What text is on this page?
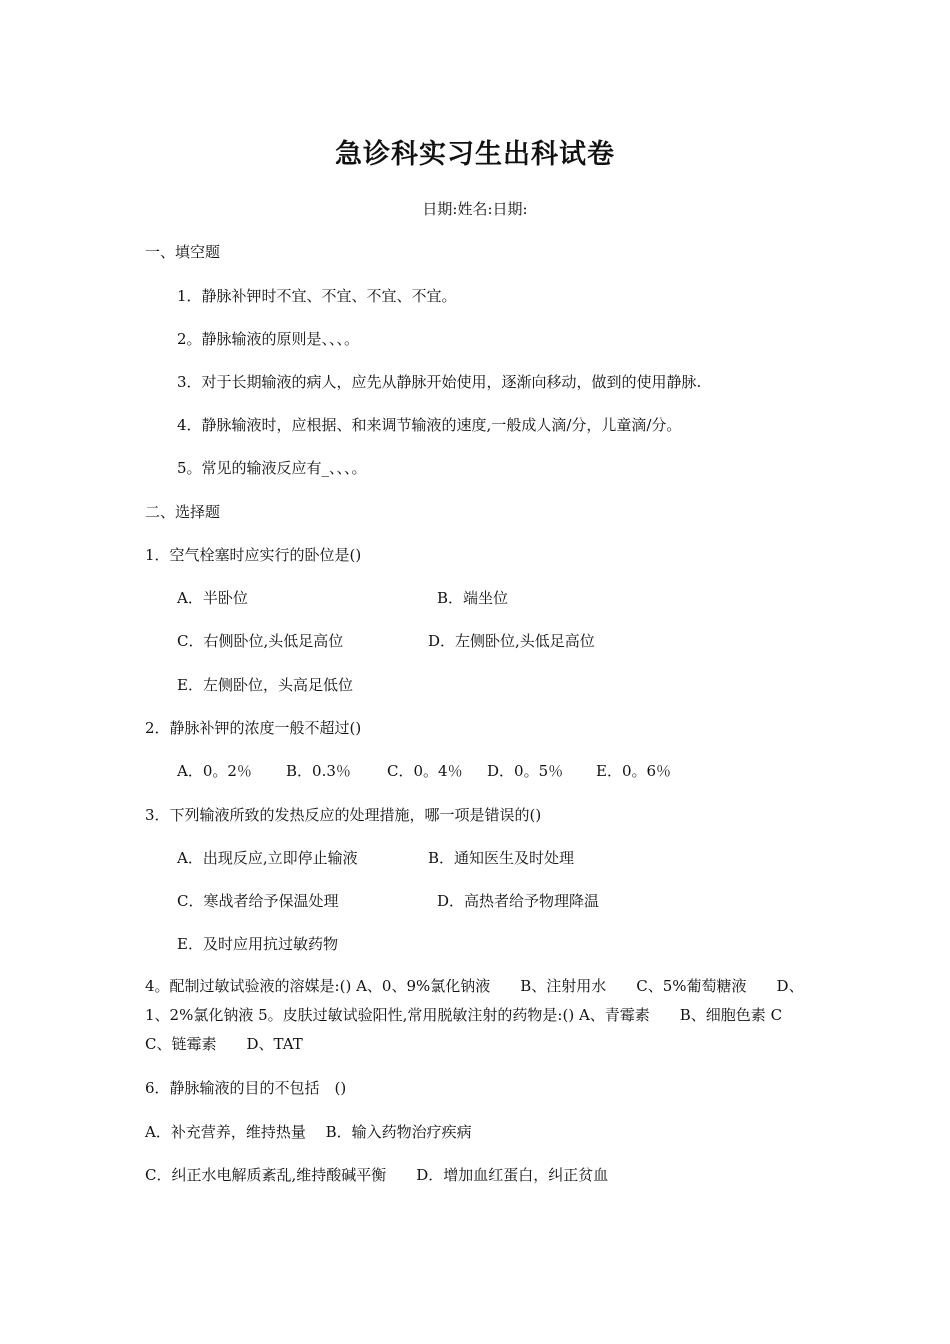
急诊科实习生出科试卷
日期:姓名:日期:
一、填空题
1．静脉补钾时不宜、不宜、不宜、不宜。
2。静脉输液的原则是、、、。
3．对于长期输液的病人，应先从静脉开始使用，逐渐向移动，做到的使用静脉.
4．静脉输液时，应根据、和来调节输液的速度,一般成人滴/分，儿童滴/分。
5。常见的输液反应有_、、、。
二、选择题
1．空气栓塞时应实行的卧位是()
A．半卧位	B．端坐位
C．右侧卧位,头低足高位	D．左侧卧位,头低足高位
E．左侧卧位，头高足低位
2．静脉补钾的浓度一般不超过()
A．0。2％ B．0.3％ C．0。4％ D．0。5％ E．0。6％
3．下列输液所致的发热反应的处理措施，哪一项是错误的()
A．出现反应,立即停止输液	B．通知医生及时处理
C．寒战者给予保温处理	D．高热者给予物理降温
E．及时应用抗过敏药物
4。配制过敏试验液的溶媒是:() A、0、9%氯化钠液　　B、注射用水　　C、5%葡萄糖液　　D、1、2%氯化钠液 5。皮肤过敏试验阳性,常用脱敏注射的药物是:() A、青霉素　　B、细胞色素 C　　C、链霉素　　D、TAT
6．静脉输液的目的不包括　()
A．补充营养，维持热量　 B．输入药物治疗疾病
C．纠正水电解质紊乱,维持酸碱平衡　　D．增加血红蛋白，纠正贫血
